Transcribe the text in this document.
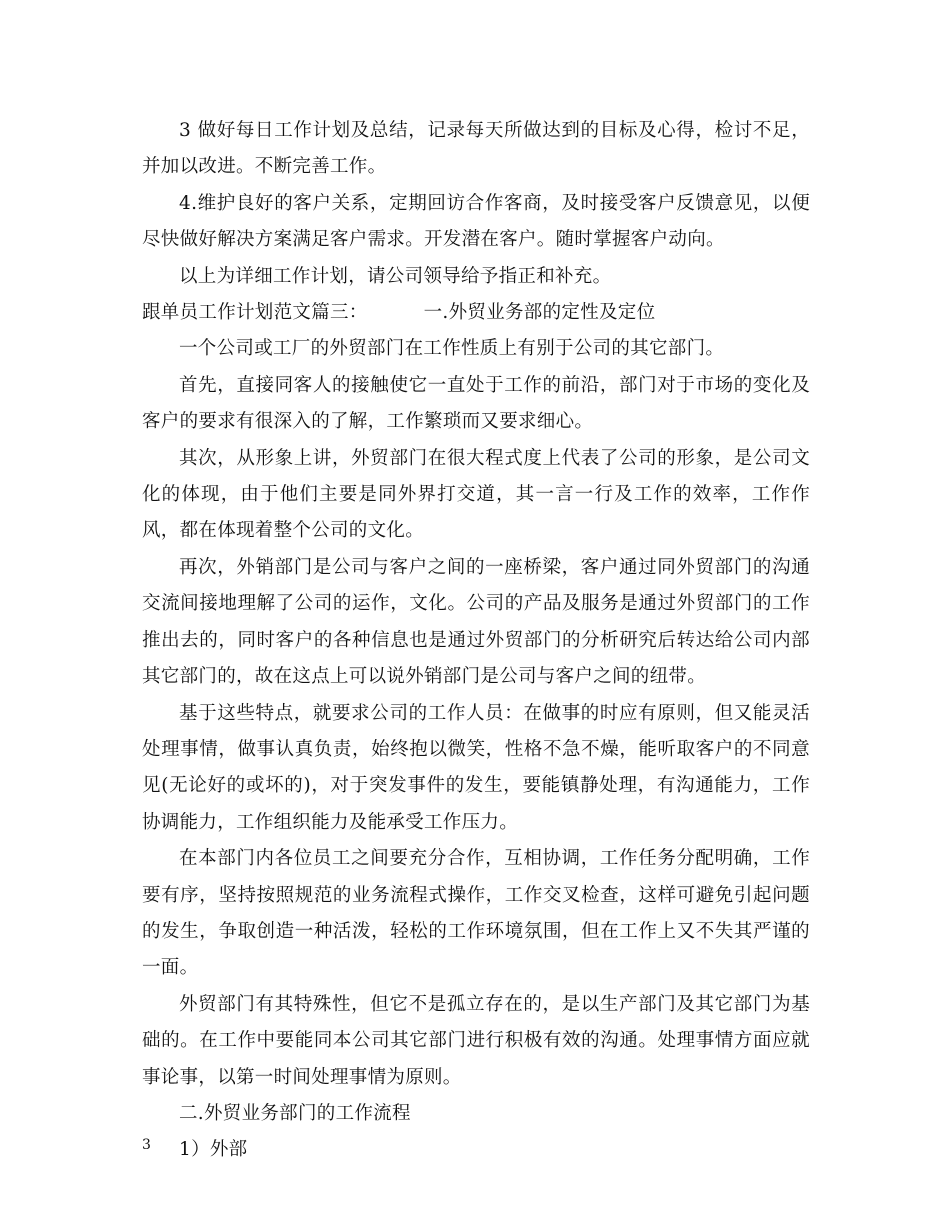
3 做好每日工作计划及总结，记录每天所做达到的目标及心得，检讨不足，并加以改进。不断完善工作。

4.维护良好的客户关系，定期回访合作客商，及时接受客户反馈意见，以便尽快做好解决方案满足客户需求。开发潜在客户。随时掌握客户动向。

以上为详细工作计划，请公司领导给予指正和补充。

跟单员工作计划范文篇三：	一.外贸业务部的定性及定位

一个公司或工厂的外贸部门在工作性质上有别于公司的其它部门。

首先，直接同客人的接触使它一直处于工作的前沿，部门对于市场的变化及客户的要求有很深入的了解，工作繁琐而又要求细心。

其次，从形象上讲，外贸部门在很大程式度上代表了公司的形象，是公司文化的体现，由于他们主要是同外界打交道，其一言一行及工作的效率，工作作风，都在体现着整个公司的文化。

再次，外销部门是公司与客户之间的一座桥梁，客户通过同外贸部门的沟通交流间接地理解了公司的运作，文化。公司的产品及服务是通过外贸部门的工作推出去的，同时客户的各种信息也是通过外贸部门的分析研究后转达给公司内部其它部门的，故在这点上可以说外销部门是公司与客户之间的纽带。

基于这些特点，就要求公司的工作人员：在做事的时应有原则，但又能灵活处理事情，做事认真负责，始终抱以微笑，性格不急不燥，能听取客户的不同意见(无论好的或坏的)，对于突发事件的发生，要能镇静处理，有沟通能力，工作协调能力，工作组织能力及能承受工作压力。

在本部门内各位员工之间要充分合作，互相协调，工作任务分配明确，工作要有序，坚持按照规范的业务流程式操作，工作交叉检查，这样可避免引起问题的发生，争取创造一种活泼，轻松的工作环境氛围，但在工作上又不失其严谨的一面。

外贸部门有其特殊性，但它不是孤立存在的，是以生产部门及其它部门为基础的。在工作中要能同本公司其它部门进行积极有效的沟通。处理事情方面应就事论事，以第一时间处理事情为原则。

二.外贸业务部门的工作流程

1）外部

3
